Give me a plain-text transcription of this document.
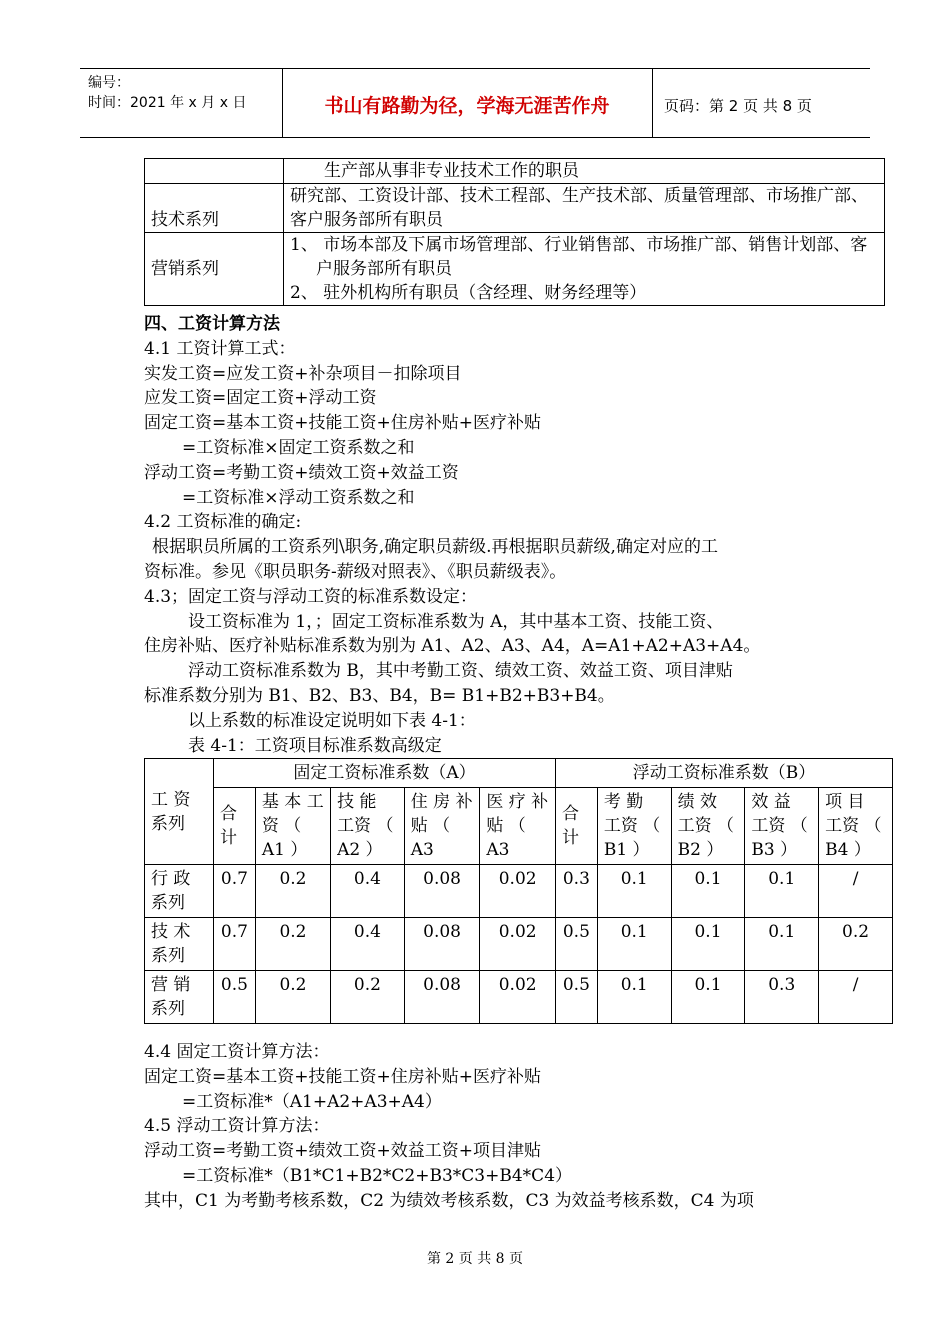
编号：
时间：2021 年 x 月 x 日	书山有路勤为径，学海无涯苦作舟	页码：第 2 页 共 8 页
	生产部从事非专业技术工作的职员
技术系列	研究部、工资设计部、技术工程部、生产技术部、质量管理部、市场推广部、客户服务部所有职员
营销系列	1、 市场本部及下属市场管理部、行业销售部、市场推广部、销售计划部、客户服务部所有职员
2、 驻外机构所有职员（含经理、财务经理等）

四、工资计算方法

4.1 工资计算工式：

实发工资=应发工资+补杂项目－扣除项目

应发工资=固定工资+浮动工资

固定工资=基本工资+技能工资+住房补贴+医疗补贴

=工资标准×固定工资系数之和

浮动工资=考勤工资+绩效工资+效益工资

=工资标准×浮动工资系数之和

4.2 工资标准的确定:

根据职员所属的工资系列\职务,确定职员薪级.再根据职员薪级,确定对应的工

资标准。参见《职员职务-薪级对照表》、《职员薪级表》。

4.3；固定工资与浮动工资的标准系数设定：

设工资标准为 1，；固定工资标准系数为 A，其中基本工资、技能工资、

住房补贴、医疗补贴标准系数为别为 A1、A2、A3、A4，A=A1+A2+A3+A4。

浮动工资标准系数为 B，其中考勤工资、绩效工资、效益工资、项目津贴

标准系数分别为 B1、B2、B3、B4，B= B1+B2+B3+B4。

以上系数的标准设定说明如下表 4-1：

表 4-1：工资项目标准系数高级定

工 资系列	固定工资标准系数（A）					浮动工资标准系数（B）				
	合计	基 本 工 资 （ A1 ）	技 能 工资 （ A2 ）	住 房 补贴 （ A3	医 疗 补贴 （ A3	合计	考 勤 工资 （ B1 ）	绩 效 工资 （ B2 ）	效 益 工资 （ B3 ）	项 目 工资 （ B4 ）
行 政 系列	0.7	0.2	0.4	0.08	0.02	0.3	0.1	0.1	0.1	/
技 术 系列	0.7	0.2	0.4	0.08	0.02	0.5	0.1	0.1	0.1	0.2
营 销 系列	0.5	0.2	0.2	0.08	0.02	0.5	0.1	0.1	0.3	/

4.4 固定工资计算方法：

固定工资=基本工资+技能工资+住房补贴+医疗补贴

=工资标准*（A1+A2+A3+A4）

4.5 浮动工资计算方法：

浮动工资=考勤工资+绩效工资+效益工资+项目津贴

=工资标准*（B1*C1+B2*C2+B3*C3+B4*C4）

其中，C1 为考勤考核系数，C2 为绩效考核系数，C3 为效益考核系数，C4 为项

第 2 页 共 8 页
